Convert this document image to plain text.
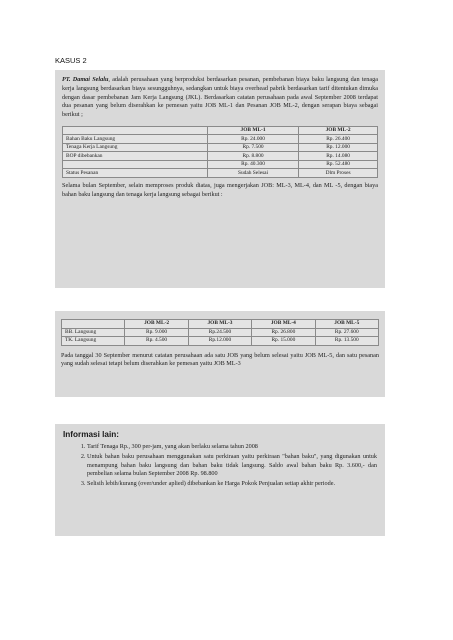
KASUS 2

PT. Damai Selalu, adalah perusahaan yang berproduksi berdasarkan pesanan, pembebanan biaya baku langsung dan tenaga kerja langsung berdasarkan biaya sesungguhnya, sedangkan untuk biaya overhead pabrik berdasarkan tarif ditentukan dimuka dengan dasar pembebanan Jam Kerja Langsung (JKL). Berdasarkan catatan perusahaan pada awal September 2008 terdapat dua pesanan yang belum diserahkan ke pemesan yaitu JOB ML-1 dan Pesanan JOB ML-2, dengan serapan biaya sebagai berikut ;

	JOB ML-1	JOB ML-2
Bahan Baku Langsung	Rp. 24.000	Rp. 26.400
Tenaga Kerja Langsung	Rp. 7.500	Rp. 12.000
BOP dibebankan	Rp. 8.800	Rp. 14.080
	Rp. 40.300	Rp. 52.480
Status Pesanan	Sudah Selesai	Dlm Proses

Selama bulan September, selain memproses produk diatas, juga mengerjakan JOB: ML-3, ML-4, dan ML -5, dengan biaya bahan baku langsung dan tenaga kerja langsung sebagai berikut :

	JOB ML-2	JOB ML-3	JOB ML-4	JOB ML-5
BB. Langsung	Rp. 9.000	Rp.24.500	Rp. 26.800	Rp. 27.600
TK. Langsung	Rp. 4.500	Rp.12.000	Rp. 15.000	Rp. 13.500

Pada tanggal 30 September menurut catatan perusahaan ada satu JOB yang belum selesai yaitu JOB ML-5, dan satu pesanan yang sudah selesai tetapi belum diserahkan ke pemesan yaitu JOB ML-3

Informasi lain:
1. Tarif Tenaga Rp., 300 per-jam, yang akan berlaku selama tahun 2008
2. Untuk bahan baku perusahaan menggunakan satu perkiraan yaitu perkiraan "bahan baku", yang digunakan untuk menampung bahan baku langsung dan bahan baku tidak langsung. Saldo awal bahan baku Rp. 3.600,- dan pembelian selama bulan September 2008 Rp. 98.800
3. Selisih lebih/kurang (over/under aplied) dibebankan ke Harga Pokok Penjualan setiap akhir periode.
